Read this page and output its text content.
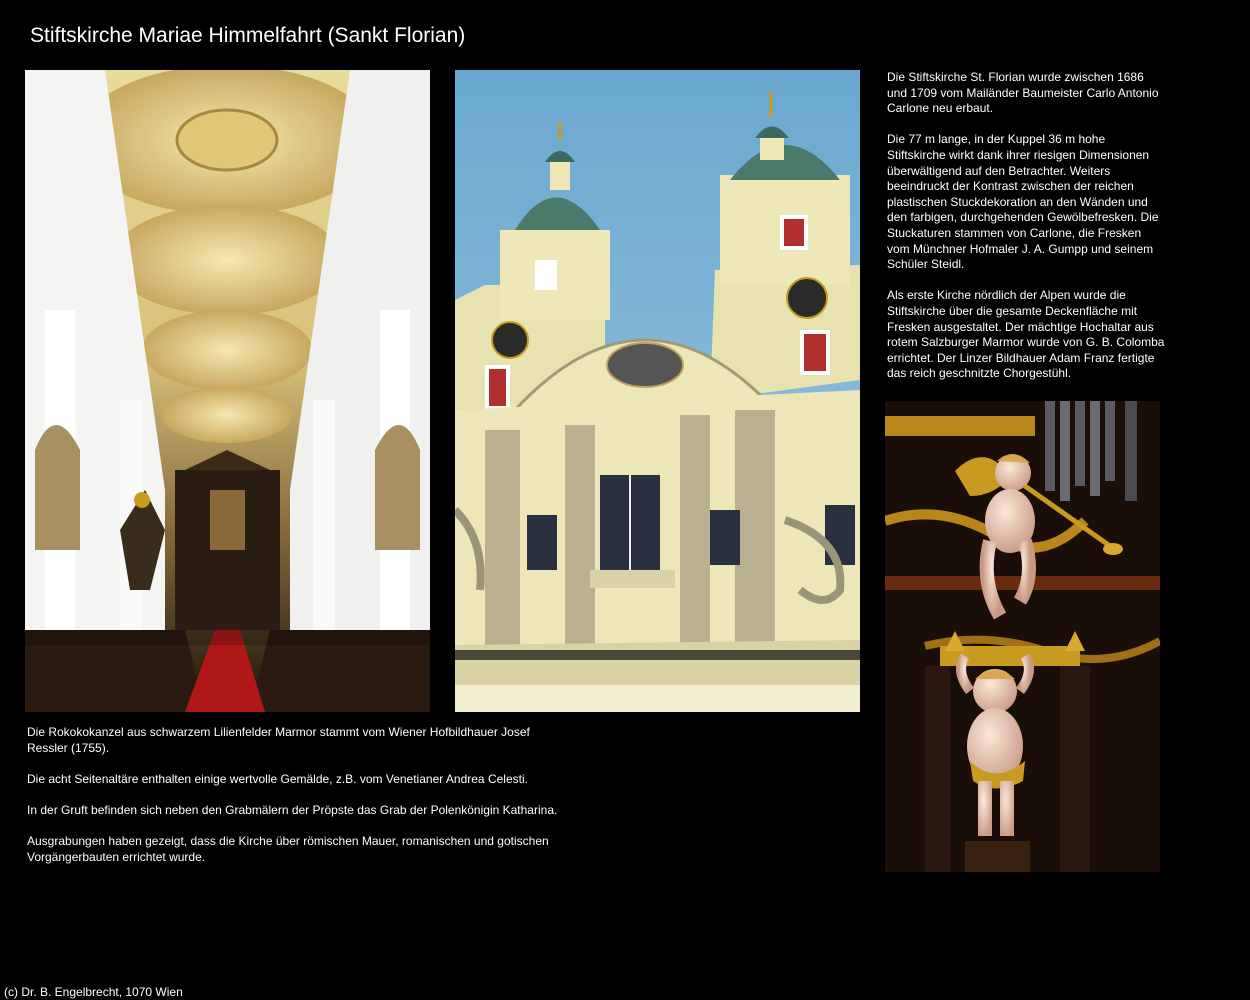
Stiftskirche Mariae Himmelfahrt (Sankt Florian)

Die Stiftskirche St. Florian wurde zwischen 1686 und 1709 vom Mailänder Baumeister Carlo Antonio Carlone neu erbaut.

Die 77 m lange, in der Kuppel 36 m hohe Stiftskirche wirkt dank ihrer riesigen Dimensionen überwältigend auf den Betrachter. Weiters beeindruckt der Kontrast zwischen der reichen plastischen Stuckdekoration an den Wänden und den farbigen, durchgehenden Gewölbefresken. Die Stuckaturen stammen von Carlone, die Fresken vom Münchner Hofmaler J. A. Gumpp und seinem Schüler Steidl.

Als erste Kirche nördlich der Alpen wurde die Stiftskirche über die gesamte Deckenfläche mit Fresken ausgestaltet. Der mächtige Hochaltar aus rotem Salzburger Marmor wurde von G. B. Colomba errichtet. Der Linzer Bildhauer Adam Franz fertigte das reich geschnitzte Chorgestühl.

Die Rokokokanzel aus schwarzem Lilienfelder Marmor stammt vom Wiener Hofbildhauer Josef Ressler (1755).

Die acht Seitenaltäre enthalten einige wertvolle Gemälde, z.B. vom Venetianer Andrea Celesti.

In der Gruft befinden sich neben den Grabmälern der Pröpste das Grab der Polenkönigin Katharina.

Ausgrabungen haben gezeigt, dass die Kirche über römischen Mauer, romanischen und gotischen Vorgängerbauten errichtet wurde.

(c) Dr. B. Engelbrecht, 1070 Wien
